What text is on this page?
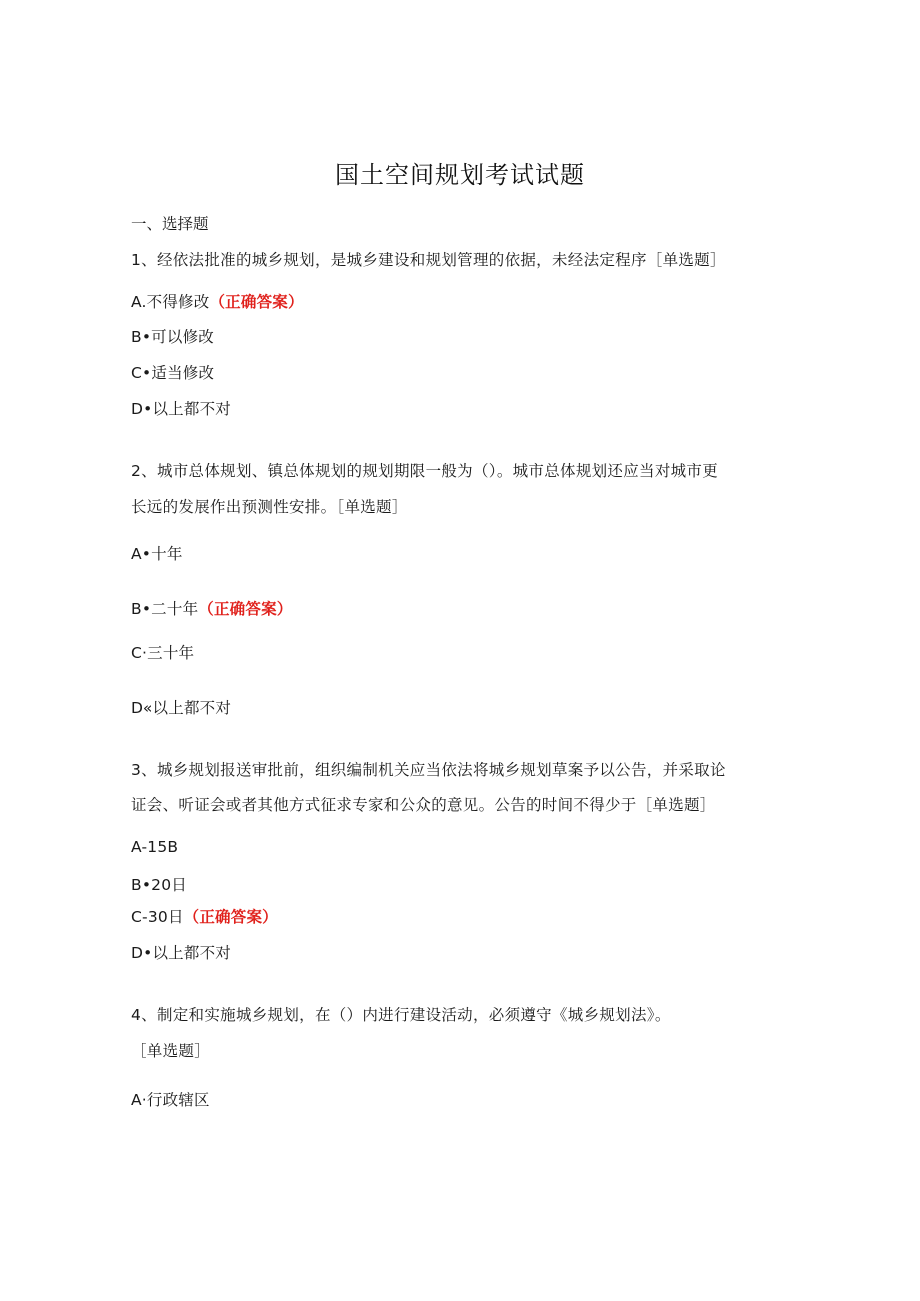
国土空间规划考试试题
一、选择题
1、经依法批准的城乡规划，是城乡建设和规划管理的依据，未经法定程序［单选题］
A.不得修改（正确答案）
B•可以修改
C•适当修改
D•以上都不对
2、城市总体规划、镇总体规划的规划期限一般为（）。城市总体规划还应当对城市更
长远的发展作出预测性安排。［单选题］
A•十年
B•二十年（正确答案）
C·三十年
D«以上都不对
3、城乡规划报送审批前，组织编制机关应当依法将城乡规划草案予以公告，并采取论
证会、听证会或者其他方式征求专家和公众的意见。公告的时间不得少于［单选题］
A-15B
B•20日
C-30日（正确答案）
D•以上都不对
4、制定和实施城乡规划，在（）内进行建设活动，必须遵守《城乡规划法》。
［单选题］
A·行政辖区
